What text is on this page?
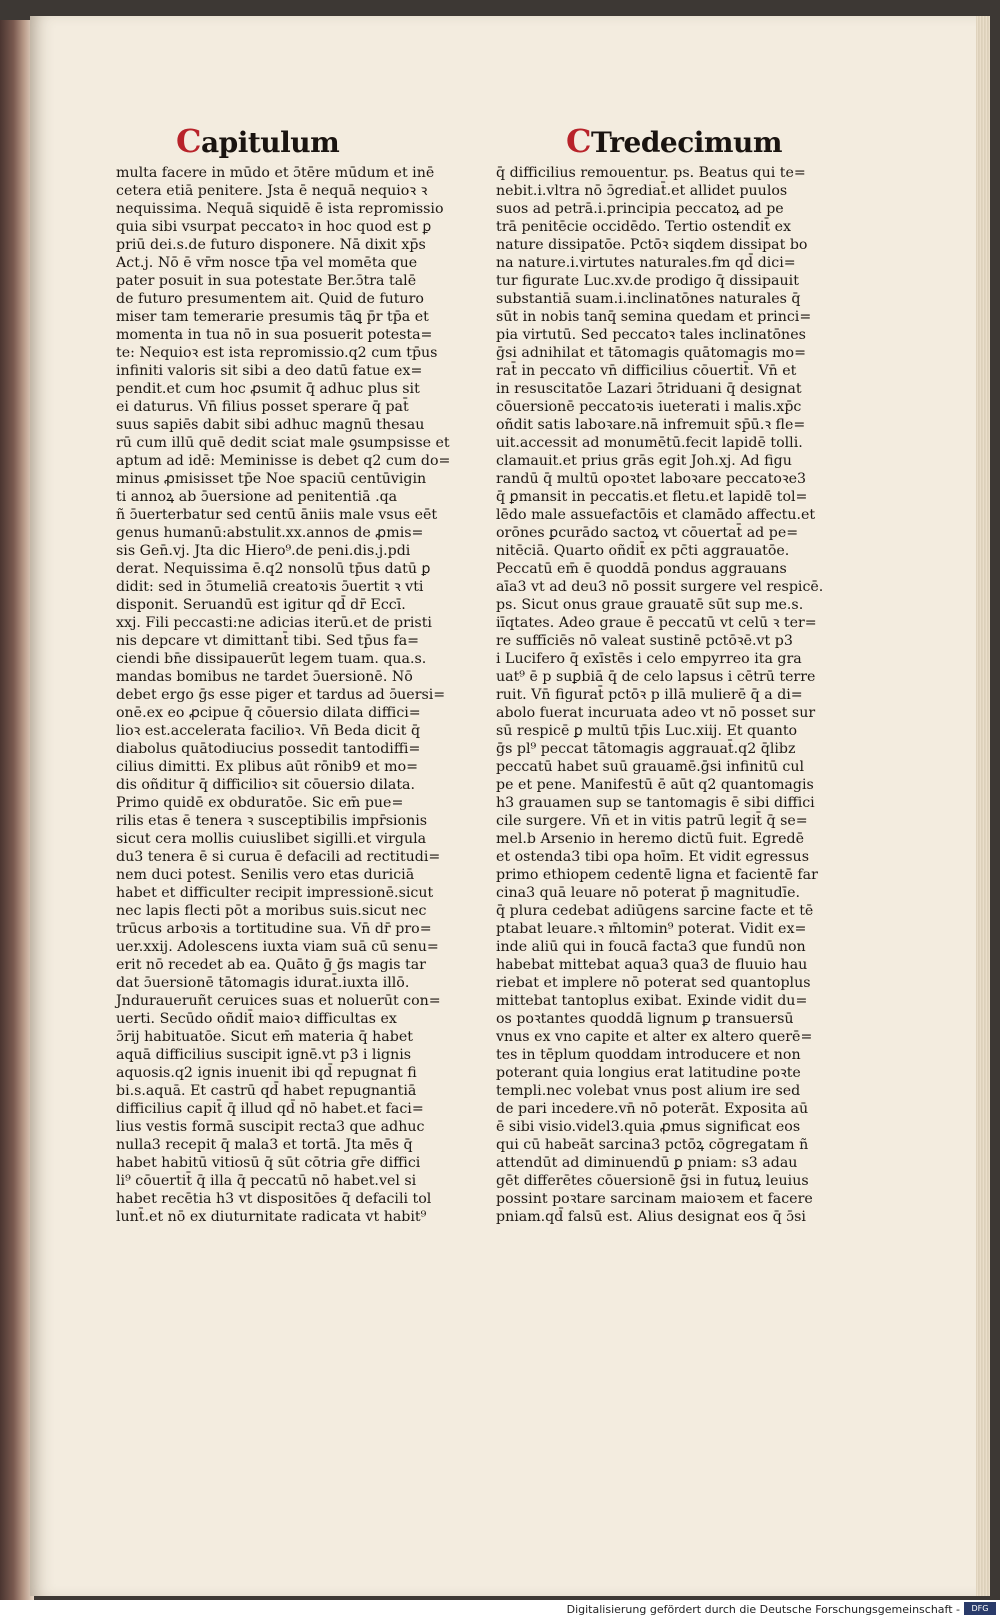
Capitulum	CTredecimum
multa facere in mūdo et ɔ̄tēre mūdum et inē
cetera etiā penitere. Jsta ē nequā nequioꝛ ꝛ
nequissima. Nequā siquidē ē ista repromissio
quia sibi vsurpat peccatoꝛ in hoc quod est ꝑ
priū dei.s.de futuro disponere. Nā dixit xp̄s
Act.j. Nō ē vr̄m nosce tp̄a vel momēta que
pater posuit in sua potestate Ber.ɔ̄tra talē
de futuro presumentem ait. Quid de futuro
miser tam temerarie presumis tāꝗ p̄r tp̄a et
momenta in tua nō in sua posuerit potesta=
te: Nequioꝛ est ista repromissio.q2 cum tp̄us
infiniti valoris sit sibi a deo datū fatue ex=
pendit.et cum hoc ꝓsumit q̄ adhuc plus sit
ei daturus. Vn̄ filius posset sperare q̄ pat̄
suus sapiēs dabit sibi adhuc magnū thesau
rū cum illū quē dedit sciat male ꝯsumpsisse et
aptum ad idē: Meminisse is debet q2 cum do=
minus ꝓmisisset tp̄e Noe spaciū centūvigin
ti annoꝝ ab ɔ̄uersione ad penitentiā .qa
ñ ɔ̄uerterbatur sed centū āniis male vsus eēt
genus humanū:abstulit.xx.annos de ꝓmis=
sis Gen̄.vj. Jta dic Hiero⁹.de peni.dis.j.pdi
derat. Nequissima ē.q2 nonsolū tp̄us datū ꝑ
didit: sed in ɔ̄tumeliā creatoꝛis ɔ̄uertit ꝛ vti
disponit. Seruandū est igitur qd̄ dr̄ Eccī.
xxj. Fili peccasti:ne adicias iterū.et de pristi
nis depcare vt dimittant̄ tibi. Sed tp̄us fa=
ciendi bn̄e dissipauerūt legem tuam. qua.s.
mandas bomibus ne tardet ɔ̄uersionē. Nō
debet ergo ḡs esse piger et tardus ad ɔ̄uersi=
onē.ex eo ꝓcipue q̄ cōuersio dilata diffici=
lioꝛ est.accelerata facilioꝛ. Vn̄ Beda dicit q̄
diabolus quātodiucius possedit tantodiffi=
cilius dimitti. Ex plibus aūt rōnib9 et mo=
dis oñditur q̄ difficilioꝛ sit cōuersio dilata.
Primo quidē ex obduratōe. Sic em̄ pue=
rilis etas ē tenera ꝛ susceptibilis impr̄sionis
sicut cera mollis cuiuslibet sigilli.et virgula
du3 tenera ē si curua ē defacili ad rectitudi=
nem duci potest. Senilis vero etas duriciā
habet et difficulter recipit impressionē.sicut
nec lapis flecti pōt a moribus suis.sicut nec
trūcus arboꝛis a tortitudine sua. Vn̄ dr̄ pro=
uer.xxij. Adolescens iuxta viam suā cū senu=
erit nō recedet ab ea. Quāto ḡ ḡs magis tar
dat ɔ̄uersionē tātomagis idurat̄.iuxta illō.
Jnduraueruñt ceruices suas et noluerūt con=
uerti. Secūdo oñdit̄ maioꝛ difficultas ex
ɔ̄rij habituatōe. Sicut em̄ materia q̄ habet
aquā difficilius suscipit ignē.vt p3 i lignis
aquosis.q2 ignis inuenit ibi qd̄ repugnat fi
bi.s.aquā. Et castrū qd̄ habet repugnantiā
difficilius capit̄ q̄ illud qd̄ nō habet.et faci=
lius vestis formā suscipit recta3 que adhuc
nulla3 recepit q̄ mala3 et tortā. Jta mēs q̄
habet habitū vitiosū q̄ sūt cōtria gr̄e diffici
li⁹ cōuertit̄ q̄ illa q̄ peccatū nō habet.vel si
habet recētia h3 vt dispositōes q̄ defacili tol
lunt̄.et nō ex diuturnitate radicata vt habit⁹
q̄ difficilius remouentur. ps. Beatus qui te=
nebit.i.vltra nō ɔ̄grediat̄.et allidet puulos
suos ad petrā.i.principia peccatoꝝ ad pe
trā penitēcie occidēdo. Tertio ostendit̄ ex
nature dissipatōe. Pctōꝛ siqdem dissipat bo
na nature.i.virtutes naturales.fm qd̄ dici=
tur figurate Luc.xv.de prodigo q̄ dissipauit
substantiā suam.i.inclinatōnes naturales q̄
sūt in nobis tanq̄ semina quedam et princi=
pia virtutū. Sed peccatoꝛ tales inclinatōnes
ḡsi adnihilat et tātomagis quātomagis mo=
rat̄ in peccato vn̄ difficilius cōuertit̄. Vn̄ et
in resuscitatōe Lazari ɔ̄triduani q̄ designat
cōuersionē peccatoꝛis iueterati i malis.xp̄c
oñdit satis laboꝛare.nā infremuit sp̄ū.ꝛ fle=
uit.accessit ad monumētū.fecit lapidē tolli.
clamauit.et prius grās egit Joh.xj. Ad figu
randū q̄ multū opoꝛtet laboꝛare peccatoꝛe3
q̄ ꝑmansit in peccatis.et fletu.et lapidē tol=
lēdo male assuefactōis et clamādo affectu.et
orōnes ꝑcurādo sactoꝝ vt cōuertat̄ ad pe=
nitēciā. Quarto oñdit̄ ex pc̄ti aggrauatōe.
Peccatū em̄ ē quoddā pondus aggrauans
aīa3 vt ad deu3 nō possit surgere vel respicē.
ps. Sicut onus graue grauatē sūt sup me.s.
iīqtates. Adeo graue ē peccatū vt celū ꝛ ter=
re suffīciēs nō valeat sustinē pctōꝛē.vt p3
i Lucifero q̄ exīstēs i celo empyrreo ita gra
uat⁹ ē p suꝑbiā q̄ de celo lapsus i cētrū terre
ruit. Vn̄ figurat̄ pctōꝛ p illā mulierē q̄ a di=
abolo fuerat incuruata adeo vt nō posset sur
sū respicē ꝑ multū tp̄is Luc.xiij. Et quanto
ḡs pl⁹ peccat tātomagis aggrauat̄.q2 q̄libz
peccatū habet suū grauamē.ḡsi infinitū cul
pe et pene. Manifestū ē aūt q2 quantomagis
h3 grauamen sup se tantomagis ē sibi diffici
cile surgere. Vn̄ et in vitis patrū legit̄ q̄ se=
mel.b Arsenio in heremo dictū fuit. Egredē
et ostenda3 tibi opa hoīm. Et vidit egressus
primo ethiopem cedentē ligna et facientē far
cina3 quā leuare nō poterat p̄ magnitudīe.
q̄ plura cedebat adiūgens sarcine facte et tē
ptabat leuare.ꝛ m̄ltomin⁹ poterat. Vidit ex=
inde aliū qui in foucā facta3 que fundū non
habebat mittebat aqua3 qua3 de fluuio hau
riebat et implere nō poterat sed quantoplus
mittebat tantoplus exibat. Exinde vidit du=
os poꝛtantes quoddā lignum ꝑ transuersū
vnus ex vno capite et alter ex altero querē=
tes in tēplum quoddam introducere et non
poterant quia longius erat latitudine poꝛte
templi.nec volebat vnus post alium ire sed
de pari incedere.vn̄ nō poterāt. Exposita aū
ē sibi visio.videl3.quia ꝓmus significat eos
qui cū habeāt sarcina3 pctōꝝ cōgregatam ñ
attendūt ad diminuendū ꝑ pniam: s3 adau
gēt differētes cōuersionē ḡsi in futuꝝ leuius
possint poꝛtare sarcinam maioꝛem et facere
pniam.qd̄ falsū est. Alius designat eos q̄ ɔ̄si
Digitalisierung gefördert durch die Deutsche Forschungsgemeinschaft -	DFG
